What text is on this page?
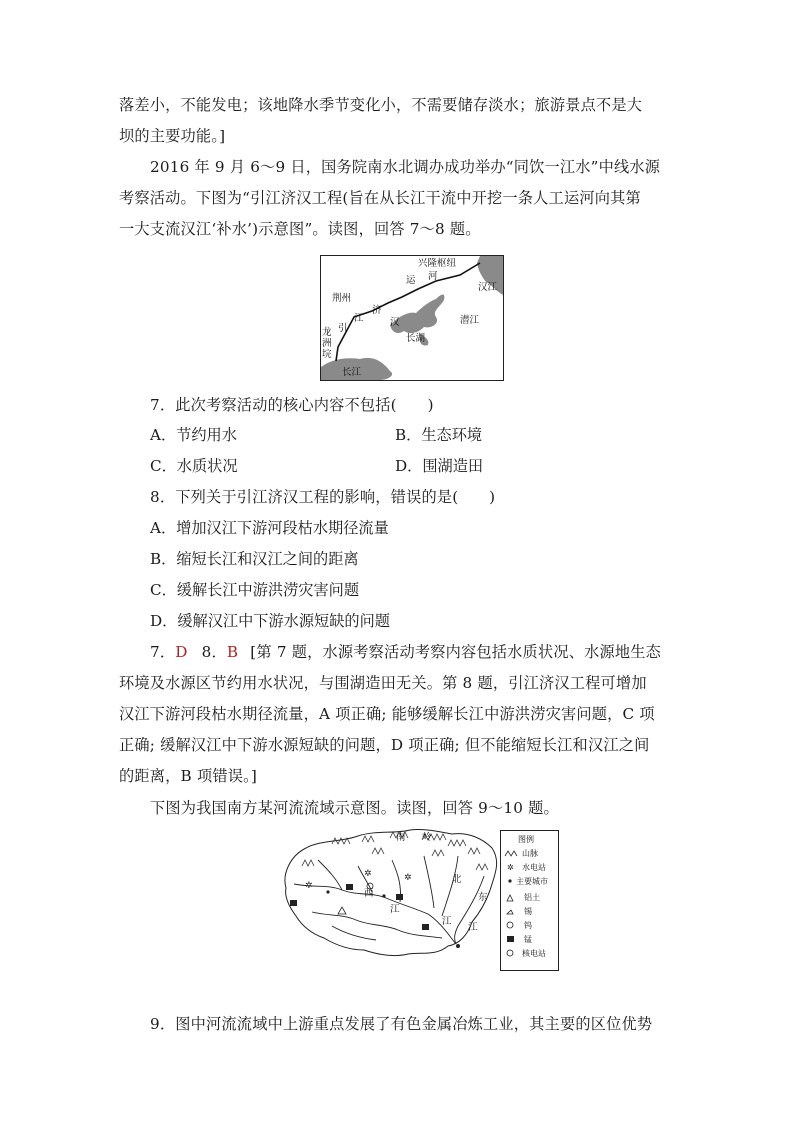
落差小，不能发电；该地降水季节变化小，不需要储存淡水；旅游景点不是大
坝的主要功能。]
2016 年 9 月 6～9 日，国务院南水北调办成功举办“同饮一江水”中线水源
考察活动。下图为“引江济汉工程(旨在从长江干流中开挖一条人工运河向其第
一大支流汉江‘补水’)示意图”。读图，回答 7～8 题。
兴隆枢纽
运 河
汉江
荆州
汉
济
江
引
潜江
长湖
龙
洲
垸
长江
7．此次考察活动的核心内容不包括(　　)
A．节约用水	B．生态环境
C．水质状况	D．围湖造田
8．下列关于引江济汉工程的影响，错误的是(　　)
A．增加汉江下游河段枯水期径流量
B．缩短长江和汉江之间的距离
C．缓解长江中游洪涝灾害问题
D．缓解汉江中下游水源短缺的问题
7．D 8．B [第 7 题，水源考察活动考察内容包括水质状况、水源地生态
环境及水源区节约用水状况，与围湖造田无关。第 8 题，引江济汉工程可增加
汉江下游河段枯水期径流量，A 项正确; 能够缓解长江中游洪涝灾害问题，C 项
正确; 缓解汉江中下游水源短缺的问题，D 项正确; 但不能缩短长江和汉江之间
的距离，B 项错误。]
下图为我国南方某河流流域示意图。读图，回答 9～10 题。
✲
✲
✲
南 岭
西
江
北
江
东
江
图例
山脉
✲ 水电站
主要城市
铝土
锡
钨
锰
核电站
9．图中河流流域中上游重点发展了有色金属冶炼工业，其主要的区位优势
